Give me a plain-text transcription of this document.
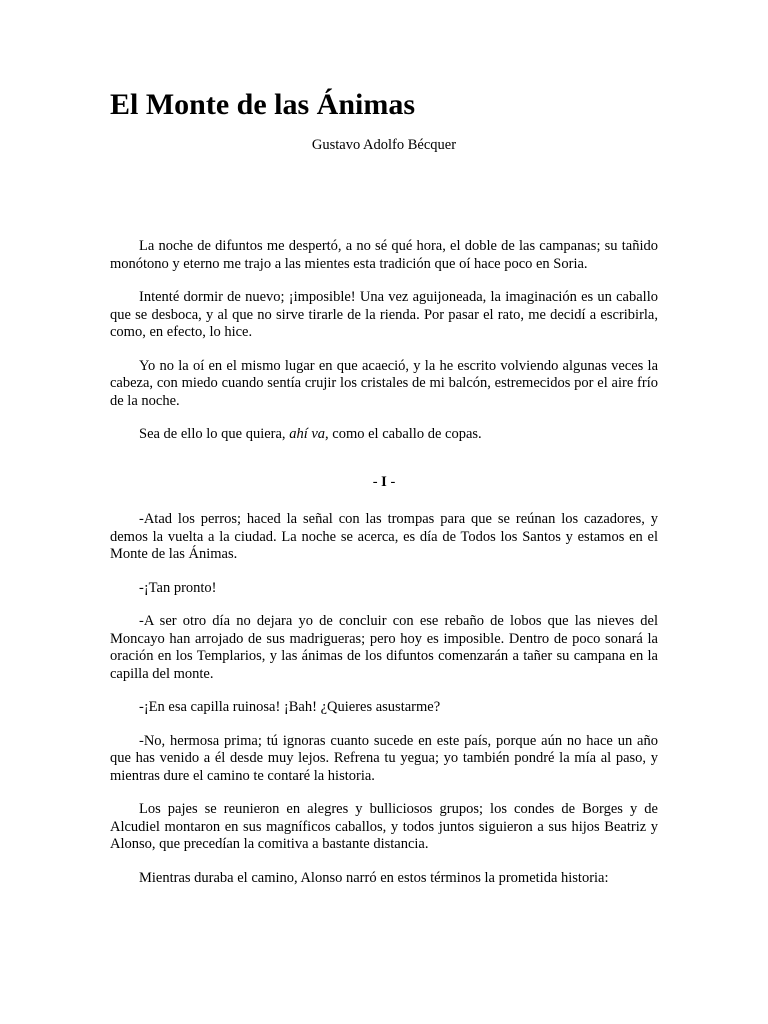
El Monte de las Ánimas
Gustavo Adolfo Bécquer

La noche de difuntos me despertó, a no sé qué hora, el doble de las campanas; su tañido monótono y eterno me trajo a las mientes esta tradición que oí hace poco en Soria.

Intenté dormir de nuevo; ¡imposible! Una vez aguijoneada, la imaginación es un caballo que se desboca, y al que no sirve tirarle de la rienda. Por pasar el rato, me decidí a escribirla, como, en efecto, lo hice.

Yo no la oí en el mismo lugar en que acaeció, y la he escrito volviendo algunas veces la cabeza, con miedo cuando sentía crujir los cristales de mi balcón, estremecidos por el aire frío de la noche.

Sea de ello lo que quiera, ahí va, como el caballo de copas.

- I -

-Atad los perros; haced la señal con las trompas para que se reúnan los cazadores, y demos la vuelta a la ciudad. La noche se acerca, es día de Todos los Santos y estamos en el Monte de las Ánimas.

-¡Tan pronto!

-A ser otro día no dejara yo de concluir con ese rebaño de lobos que las nieves del Moncayo han arrojado de sus madrigueras; pero hoy es imposible. Dentro de poco sonará la oración en los Templarios, y las ánimas de los difuntos comenzarán a tañer su campana en la capilla del monte.

-¡En esa capilla ruinosa! ¡Bah! ¿Quieres asustarme?

-No, hermosa prima; tú ignoras cuanto sucede en este país, porque aún no hace un año que has venido a él desde muy lejos. Refrena tu yegua; yo también pondré la mía al paso, y mientras dure el camino te contaré la historia.

Los pajes se reunieron en alegres y bulliciosos grupos; los condes de Borges y de Alcudiel montaron en sus magníficos caballos, y todos juntos siguieron a sus hijos Beatriz y Alonso, que precedían la comitiva a bastante distancia.

Mientras duraba el camino, Alonso narró en estos términos la prometida historia:
